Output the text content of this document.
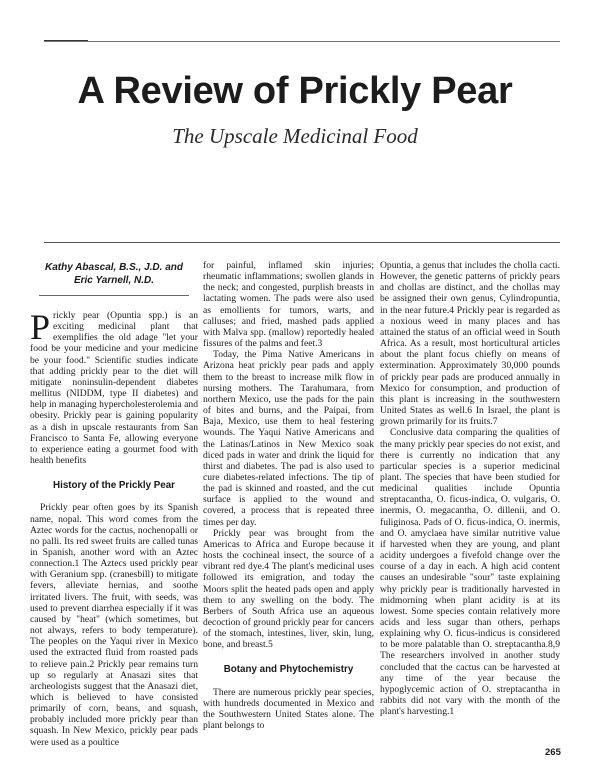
A Review of Prickly Pear
The Upscale Medicinal Food
Kathy Abascal, B.S., J.D. and
Eric Yarnell, N.D.

Prickly pear (Opuntia spp.) is an exciting medicinal plant that exemplifies the old adage "let your food be your medicine and your medicine be your food." Scientific studies indicate that adding prickly pear to the diet will mitigate noninsulin-dependent diabetes mellitus (NIDDM, type II diabetes) and help in managing hypercholesterolemia and obesity. Prickly pear is gaining popularity as a dish in upscale restaurants from San Francisco to Santa Fe, allowing everyone to experience eating a gourmet food with health benefits

History of the Prickly Pear

Prickly pear often goes by its Spanish name, nopal. This word comes from the Aztec words for the cactus, nochenopalli or no palli. Its red sweet fruits are called tunas in Spanish, another word with an Aztec connection.1 The Aztecs used prickly pear with Geranium spp. (cranesbill) to mitigate fevers, alleviate hernias, and soothe irritated livers. The fruit, with seeds, was used to prevent diarrhea especially if it was caused by "heat" (which sometimes, but not always, refers to body temperature). The peoples on the Yaqui river in Mexico used the extracted fluid from roasted pads to relieve pain.2 Prickly pear remains turn up so regularly at Anasazi sites that archeologists suggest that the Anasazi diet, which is believed to have consisted primarily of corn, beans, and squash, probably included more prickly pear than squash. In New Mexico, prickly pear pads were used as a poultice

for painful, inflamed skin injuries; rheumatic inflammations; swollen glands in the neck; and congested, purplish breasts in lactating women. The pads were also used as emollients for tumors, warts, and calluses; and fried, mashed pads applied with Malva spp. (mallow) reportedly healed fissures of the palms and feet.3

Today, the Pima Native Americans in Arizona heat prickly pear pads and apply them to the breast to increase milk flow in nursing mothers. The Tarahumara, from northern Mexico, use the pads for the pain of bites and burns, and the Paipai, from Baja, Mexico, use them to heal festering wounds. The Yaqui Native Americans and the Latinas/Latinos in New Mexico soak diced pads in water and drink the liquid for thirst and diabetes. The pad is also used to cure diabetes-related infections. The tip of the pad is skinned and roasted, and the cut surface is applied to the wound and covered, a process that is repeated three times per day.

Prickly pear was brought from the Americas to Africa and Europe because it hosts the cochineal insect, the source of a vibrant red dye.4 The plant's medicinal uses followed its emigration, and today the Moors split the heated pads open and apply them to any swelling on the body. The Berbers of South Africa use an aqueous decoction of ground prickly pear for cancers of the stomach, intestines, liver, skin, lung, bone, and breast.5

Botany and Phytochemistry

There are numerous prickly pear species, with hundreds documented in Mexico and the Southwestern United States alone. The plant belongs to

Opuntia, a genus that includes the cholla cacti. However, the genetic patterns of prickly pears and chollas are distinct, and the chollas may be assigned their own genus, Cylindropuntia, in the near future.4 Prickly pear is regarded as a noxious weed in many places and has attained the status of an official weed in South Africa. As a result, most horticultural articles about the plant focus chiefly on means of extermination. Approximately 30,000 pounds of prickly pear pads are produced annually in Mexico for consumption, and production of this plant is increasing in the southwestern United States as well.6 In Israel, the plant is grown primarily for its fruits.7

Conclusive data comparing the qualities of the many prickly pear species do not exist, and there is currently no indication that any particular species is a superior medicinal plant. The species that have been studied for medicinal qualities include Opuntia streptacantha, O. ficus-indica, O. vulgaris, O. inermis, O. megacantha, O. dillenii, and O. fuliginosa. Pads of O. ficus-indica, O. inermis, and O. amyclaea have similar nutritive value if harvested when they are young, and plant acidity undergoes a fivefold change over the course of a day in each. A high acid content causes an undesirable "sour" taste explaining why prickly pear is traditionally harvested in midmorning when plant acidity is at its lowest. Some species contain relatively more acids and less sugar than others, perhaps explaining why O. ficus-indicus is considered to be more palatable than O. streptacantha.8,9 The researchers involved in another study concluded that the cactus can be harvested at any time of the year because the hypoglycemic action of O. streptacantha in rabbits did not vary with the month of the plant's harvesting.1

265
